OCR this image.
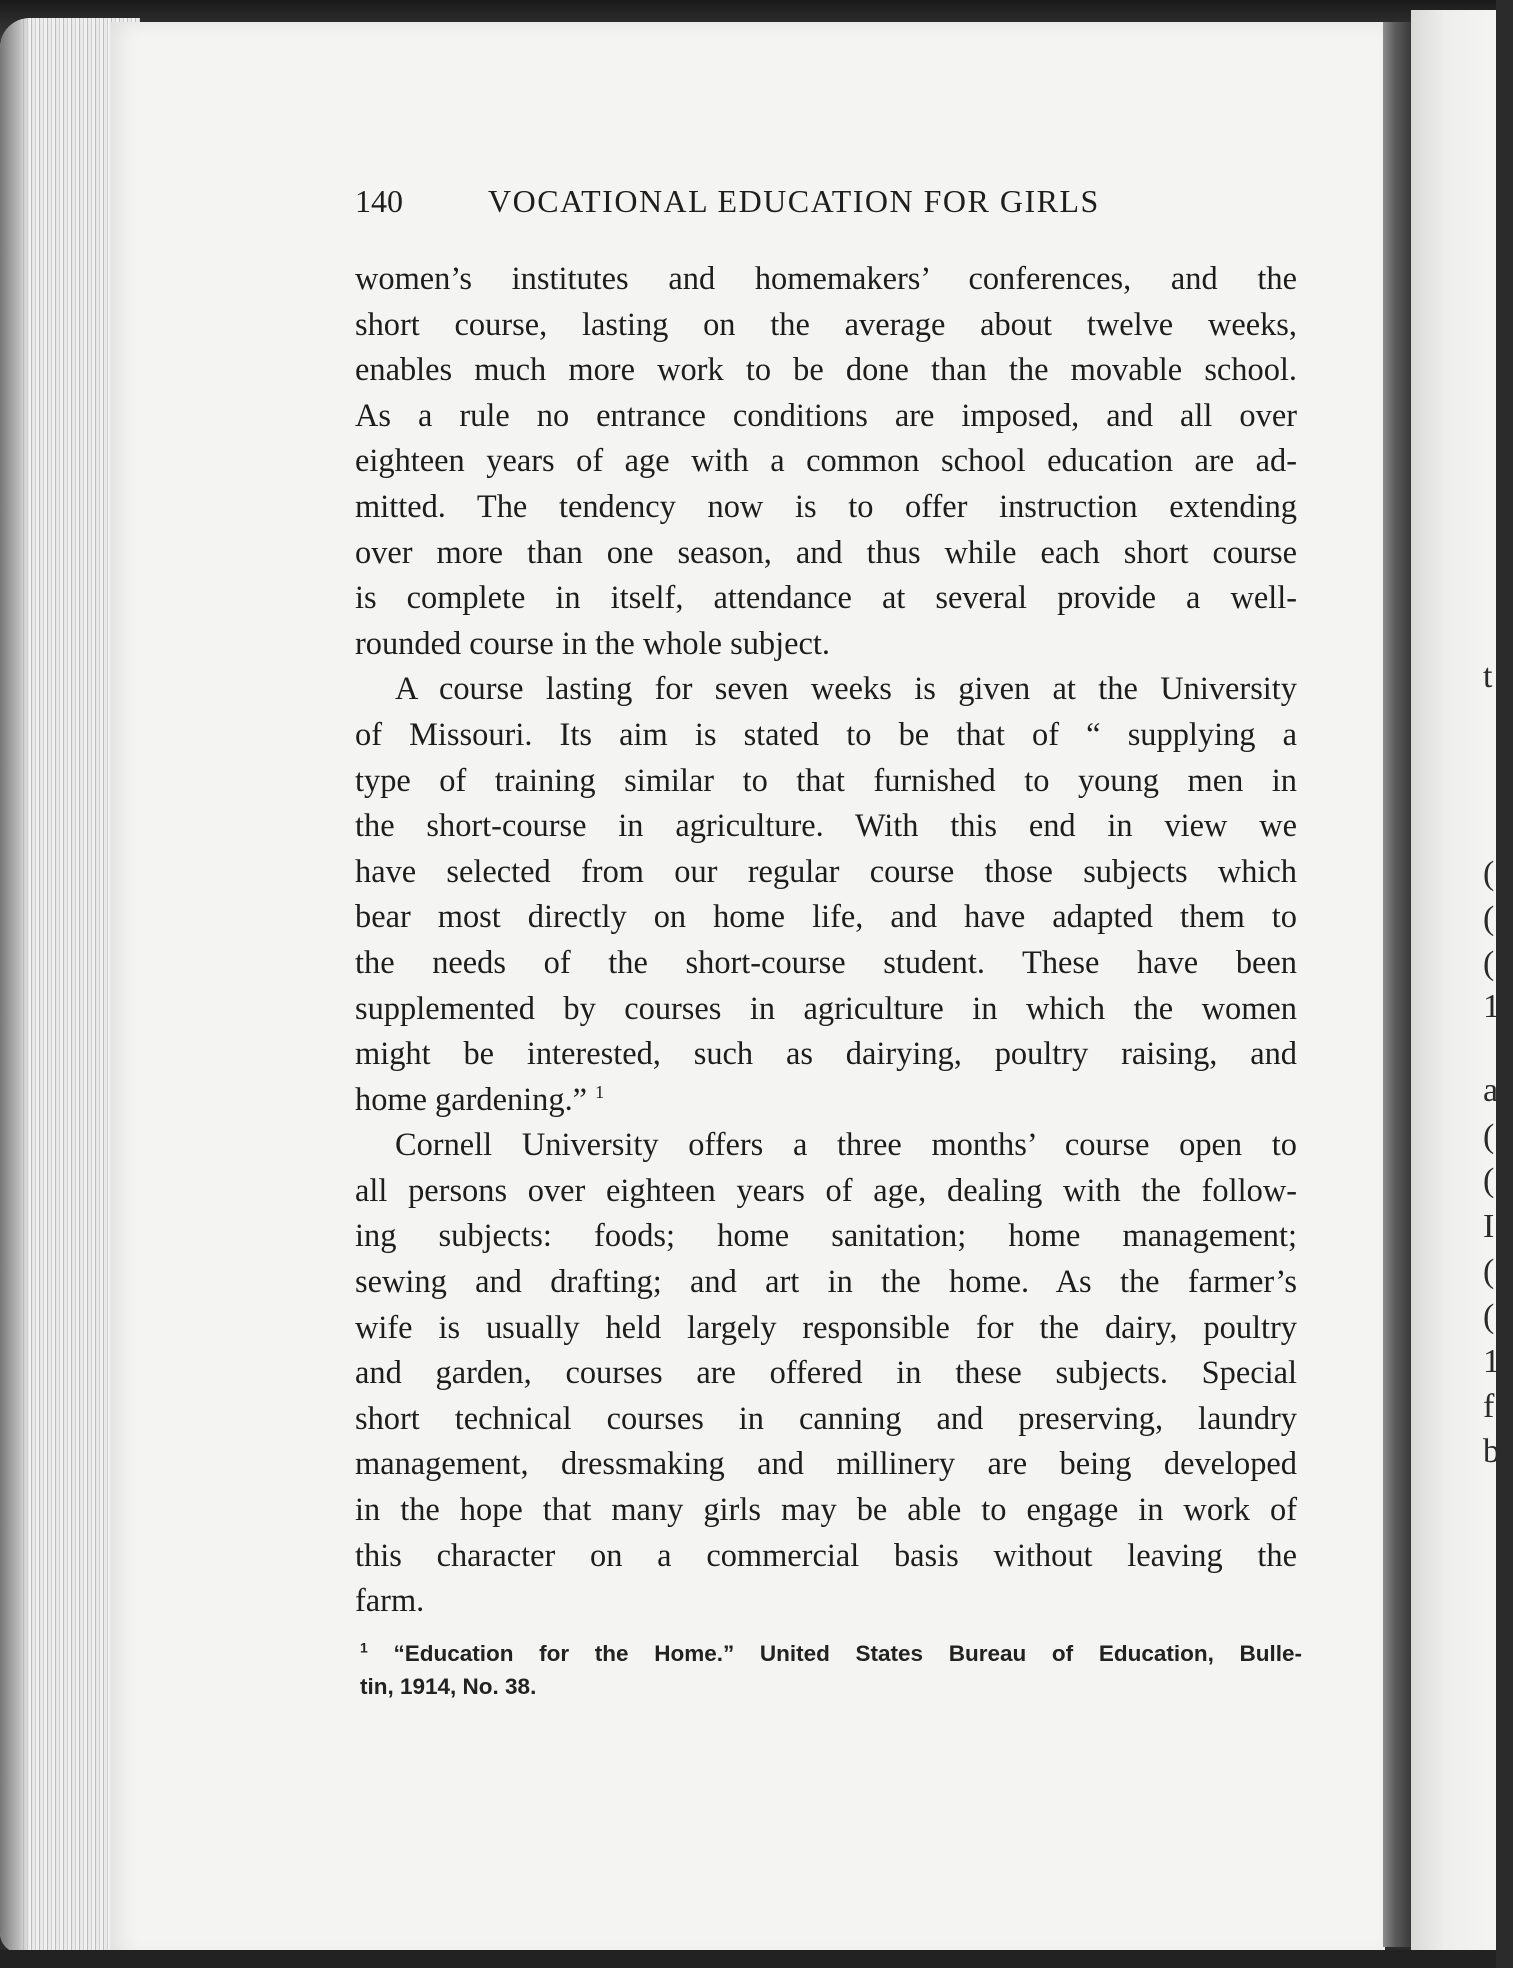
t
(
(
(
1
a
(
(
I
(
(
1
f
b
140	VOCATIONAL EDUCATION FOR GIRLS
women’s institutes and homemakers’ conferences, and the
short course, lasting on the average about twelve weeks,
enables much more work to be done than the movable school.
As a rule no entrance conditions are imposed, and all over
eighteen years of age with a common school education are ad-
mitted. The tendency now is to offer instruction extending
over more than one season, and thus while each short course
is complete in itself, attendance at several provide a well-
rounded course in the whole subject.
A course lasting for seven weeks is given at the University
of Missouri. Its aim is stated to be that of “ supplying a
type of training similar to that furnished to young men in
the short-course in agriculture. With this end in view we
have selected from our regular course those subjects which
bear most directly on home life, and have adapted them to
the needs of the short-course student. These have been
supplemented by courses in agriculture in which the women
might be interested, such as dairying, poultry raising, and
home gardening.” $^1$
Cornell University offers a three months’ course open to
all persons over eighteen years of age, dealing with the follow-
ing subjects: foods; home sanitation; home management;
sewing and drafting; and art in the home. As the farmer’s
wife is usually held largely responsible for the dairy, poultry
and garden, courses are offered in these subjects. Special
short technical courses in canning and preserving, laundry
management, dressmaking and millinery are being developed
in the hope that many girls may be able to engage in work of
this character on a commercial basis without leaving the
farm.
$^1$ “Education for the Home.” United States Bureau of Education, Bulle-
tin, 1914, No. 38.
